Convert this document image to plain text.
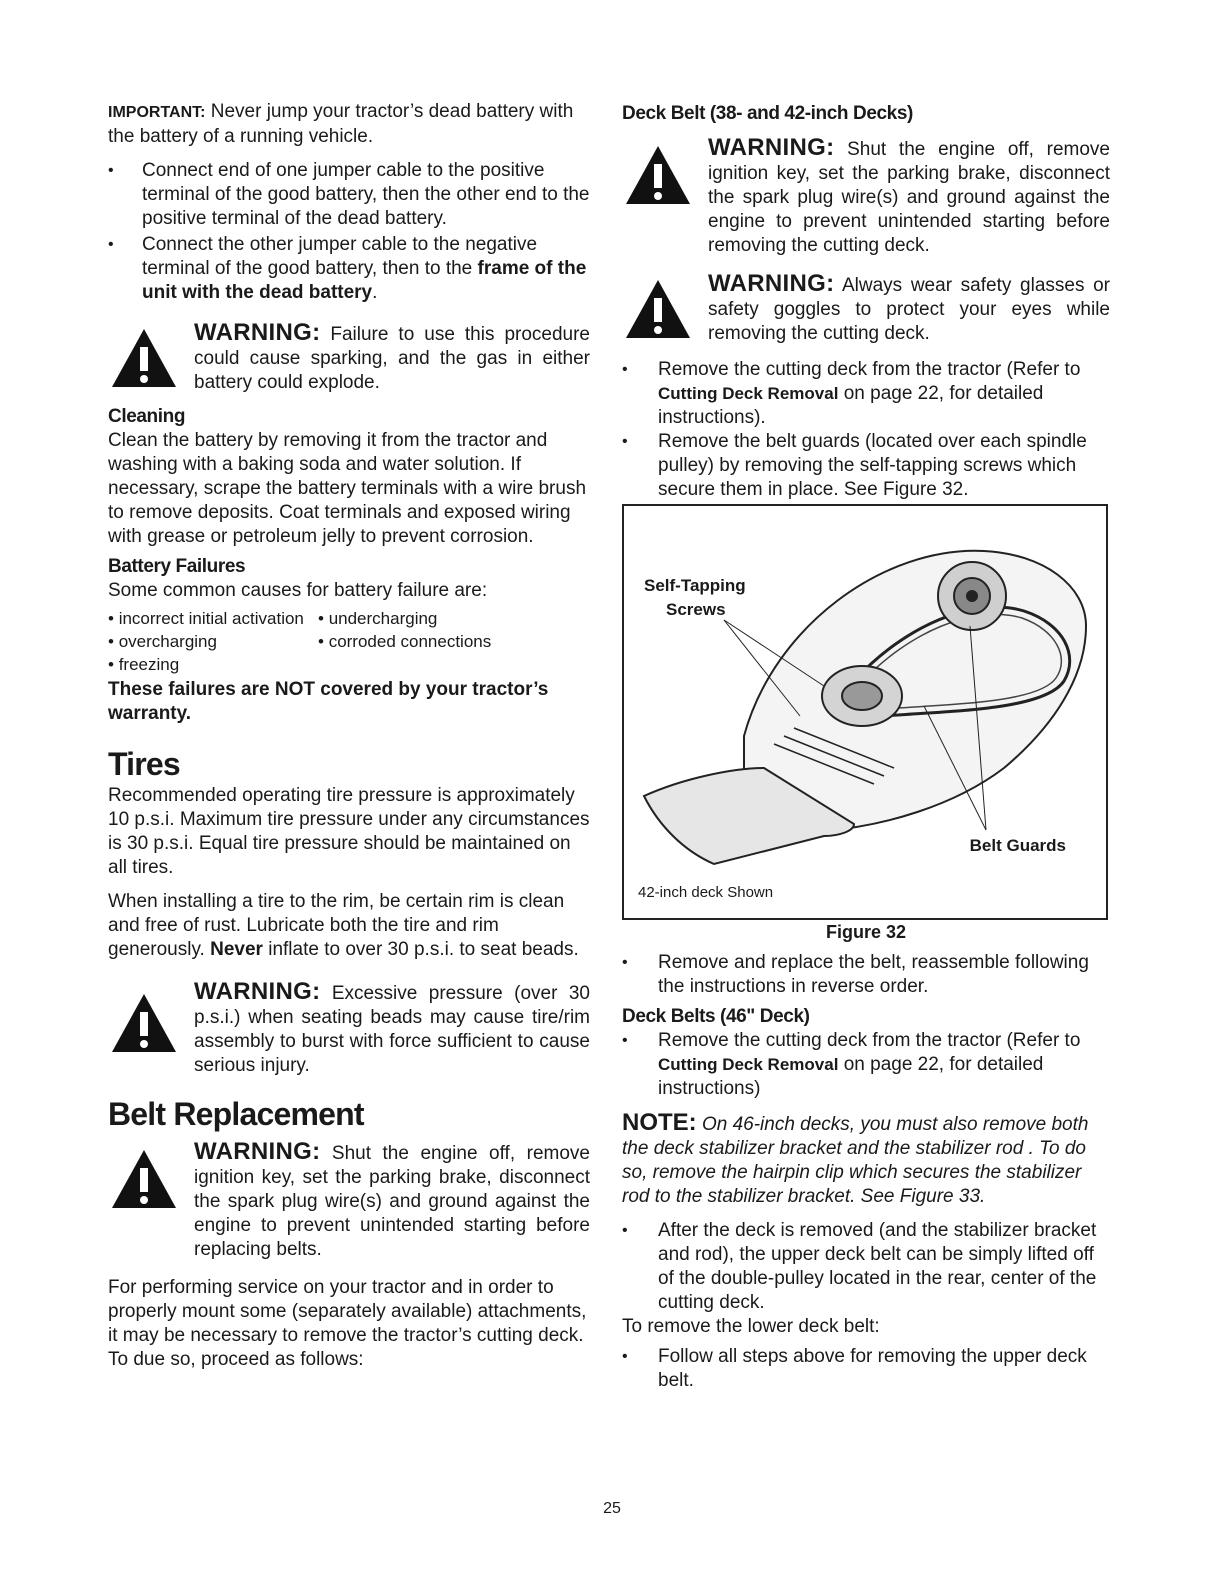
IMPORTANT: Never jump your tractor’s dead battery with the battery of a running vehicle.

• Connect end of one jumper cable to the positive terminal of the good battery, then the other end to the positive terminal of the dead battery.
• Connect the other jumper cable to the negative terminal of the good battery, then to the frame of the unit with the dead battery.
WARNING: Failure to use this procedure could cause sparking, and the gas in either battery could explode.
Cleaning

Clean the battery by removing it from the tractor and washing with a baking soda and water solution. If necessary, scrape the battery terminals with a wire brush to remove deposits. Coat terminals and exposed wiring with grease or petroleum jelly to prevent corrosion.

Battery Failures

Some common causes for battery failure are:

• incorrect initial activation	• undercharging
• overcharging	• corroded connections
• freezing

These failures are NOT covered by your tractor’s warranty.

Tires

Recommended operating tire pressure is approximately 10 p.s.i. Maximum tire pressure under any circumstances is 30 p.s.i. Equal tire pressure should be maintained on all tires.

When installing a tire to the rim, be certain rim is clean and free of rust. Lubricate both the tire and rim generously. Never inflate to over 30 p.s.i. to seat beads.

WARNING: Excessive pressure (over 30 p.s.i.) when seating beads may cause tire/rim assembly to burst with force sufficient to cause serious injury.
Belt Replacement
WARNING: Shut the engine off, remove ignition key, set the parking brake, disconnect the spark plug wire(s) and ground against the engine to prevent unintended starting before replacing belts.

For performing service on your tractor and in order to properly mount some (separately available) attachments, it may be necessary to remove the tractor’s cutting deck. To due so, proceed as follows:

Deck Belt (38- and 42-inch Decks)
WARNING: Shut the engine off, remove ignition key, set the parking brake, disconnect the spark plug wire(s) and ground against the engine to prevent unintended starting before removing the cutting deck.
WARNING: Always wear safety glasses or safety goggles to protect your eyes while removing the cutting deck.
• Remove the cutting deck from the tractor (Refer to Cutting Deck Removal on page 22, for detailed instructions).
• Remove the belt guards (located over each spindle pulley) by removing the self-tapping screws which secure them in place. See Figure 32.
Self-Tapping
Screws
Belt Guards
42-inch deck Shown
Figure 32
• Remove and replace the belt, reassemble following the instructions in reverse order.
Deck Belts (46" Deck)
• Remove the cutting deck from the tractor (Refer to Cutting Deck Removal on page 22, for detailed instructions)

NOTE: On 46-inch decks, you must also remove both the deck stabilizer bracket and the stabilizer rod . To do so, remove the hairpin clip which secures the stabilizer rod to the stabilizer bracket. See Figure 33.

• After the deck is removed (and the stabilizer bracket and rod), the upper deck belt can be simply lifted off of the double-pulley located in the rear, center of the cutting deck.

To remove the lower deck belt:

• Follow all steps above for removing the upper deck belt.
25
